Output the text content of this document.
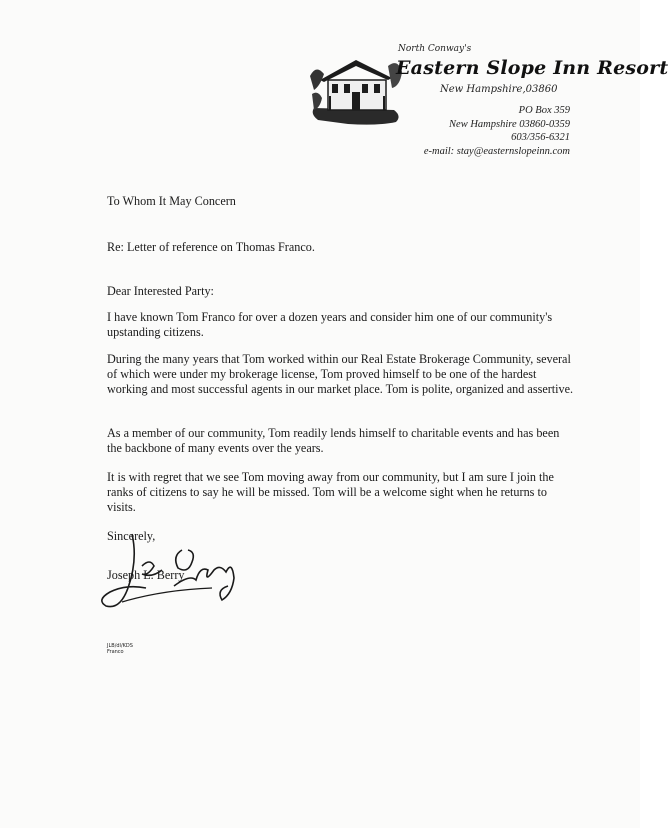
North Conway's
Eastern Slope Inn Resort
New Hampshire,03860
PO Box 359
New Hampshire 03860-0359
603/356-6321
e-mail: stay@easternslopeinn.com

To Whom It May Concern

Re: Letter of reference on Thomas Franco.

Dear Interested Party:

I have known Tom Franco for over a dozen years and consider him one of our community's upstanding citizens.

During the many years that Tom worked within our Real Estate Brokerage Community, several of which were under my brokerage license, Tom proved himself to be one of the hardest working and most successful agents in our market place. Tom is polite, organized and assertive.

As a member of our community, Tom readily lends himself to charitable events and has been the backbone of many events over the years.

It is with regret that we see Tom moving away from our community, but I am sure I join the ranks of citizens to say he will be missed. Tom will be a welcome sight when he returns to visits.

Sincerely,

Joseph L. Berry
JLB/dl/KDS
Franco
